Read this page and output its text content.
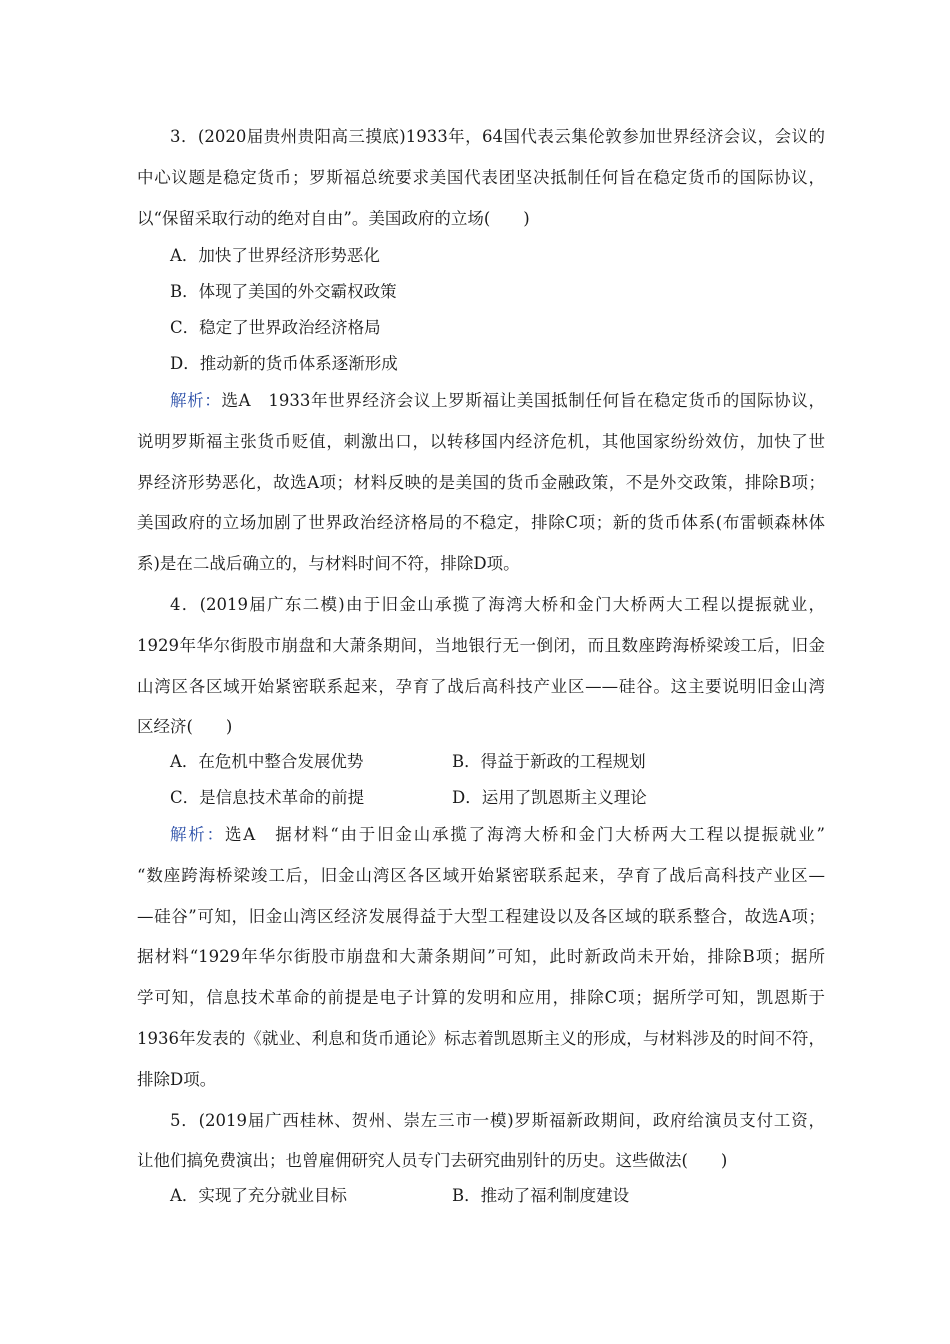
3．(2020届贵州贵阳高三摸底)1933年，64国代表云集伦敦参加世界经济会议，会议的
中心议题是稳定货币；罗斯福总统要求美国代表团坚决抵制任何旨在稳定货币的国际协议，
以“保留采取行动的绝对自由”。美国政府的立场(　　)
A．加快了世界经济形势恶化
B．体现了美国的外交霸权政策
C．稳定了世界政治经济格局
D．推动新的货币体系逐渐形成
解析：选A　1933年世界经济会议上罗斯福让美国抵制任何旨在稳定货币的国际协议，
说明罗斯福主张货币贬值，刺激出口，以转移国内经济危机，其他国家纷纷效仿，加快了世
界经济形势恶化，故选A项；材料反映的是美国的货币金融政策，不是外交政策，排除B项；
美国政府的立场加剧了世界政治经济格局的不稳定，排除C项；新的货币体系(布雷顿森林体
系)是在二战后确立的，与材料时间不符，排除D项。
4．(2019届广东二模)由于旧金山承揽了海湾大桥和金门大桥两大工程以提振就业，
1929年华尔街股市崩盘和大萧条期间，当地银行无一倒闭，而且数座跨海桥梁竣工后，旧金
山湾区各区域开始紧密联系起来，孕育了战后高科技产业区——硅谷。这主要说明旧金山湾
区经济(　　)
A．在危机中整合发展优势	B．得益于新政的工程规划
C．是信息技术革命的前提	D．运用了凯恩斯主义理论
解析：选A　据材料“由于旧金山承揽了海湾大桥和金门大桥两大工程以提振就业”
“数座跨海桥梁竣工后，旧金山湾区各区域开始紧密联系起来，孕育了战后高科技产业区—
—硅谷”可知，旧金山湾区经济发展得益于大型工程建设以及各区域的联系整合，故选A项；
据材料“1929年华尔街股市崩盘和大萧条期间”可知，此时新政尚未开始，排除B项；据所
学可知，信息技术革命的前提是电子计算的发明和应用，排除C项；据所学可知，凯恩斯于
1936年发表的《就业、利息和货币通论》标志着凯恩斯主义的形成，与材料涉及的时间不符，
排除D项。
5．(2019届广西桂林、贺州、崇左三市一模)罗斯福新政期间，政府给演员支付工资，
让他们搞免费演出；也曾雇佣研究人员专门去研究曲别针的历史。这些做法(　　)
A．实现了充分就业目标	B．推动了福利制度建设
